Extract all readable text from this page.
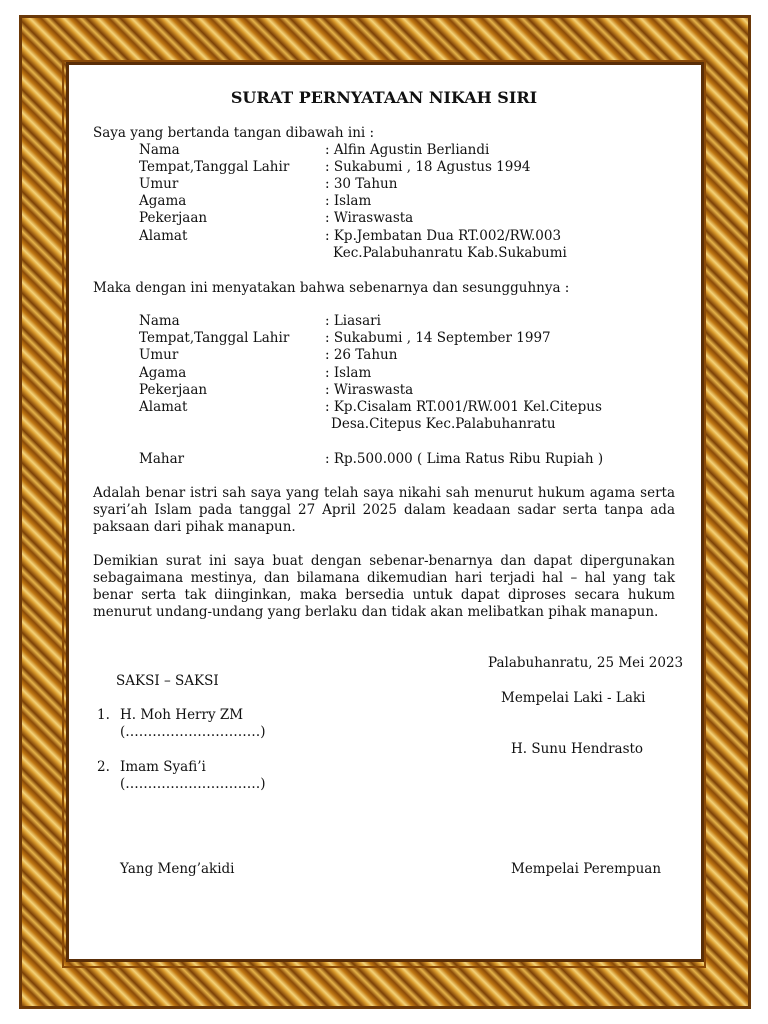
SURAT PERNYATAAN NIKAH SIRI
Saya yang bertanda tangan dibawah ini :
Nama	: Alfin Agustin Berliandi
Tempat,Tanggal Lahir	: Sukabumi , 18 Agustus 1994
Umur	: 30 Tahun
Agama	: Islam
Pekerjaan	: Wiraswasta
Alamat	: Kp.Jembatan Dua RT.002/RW.003
Kec.Palabuhanratu Kab.Sukabumi
Maka dengan ini menyatakan bahwa sebenarnya dan sesungguhnya :
Nama	: Liasari
Tempat,Tanggal Lahir	: Sukabumi , 14 September 1997
Umur	: 26 Tahun
Agama	: Islam
Pekerjaan	: Wiraswasta
Alamat	: Kp.Cisalam RT.001/RW.001 Kel.Citepus
Desa.Citepus Kec.Palabuhanratu
Mahar	: Rp.500.000 ( Lima Ratus Ribu Rupiah )
Adalah benar istri sah saya yang telah saya nikahi sah menurut hukum agama serta syari’ah Islam pada tanggal 27 April 2025 dalam keadaan sadar serta tanpa ada paksaan dari pihak manapun.
Demikian surat ini saya buat dengan sebenar-benarnya dan dapat dipergunakan sebagaimana mestinya, dan bilamana dikemudian hari terjadi hal – hal yang tak benar serta tak diinginkan, maka bersedia untuk dapat diproses secara hukum menurut undang-undang yang berlaku dan tidak akan melibatkan pihak manapun.
Palabuhanratu, 25 Mei 2023
SAKSI – SAKSI
Mempelai Laki - Laki
1. H. Moh Herry ZM
(…………………………)
2. Imam Syafi’i
(…………………………)
H. Sunu Hendrasto
Yang Meng’akidi	Mempelai Perempuan
